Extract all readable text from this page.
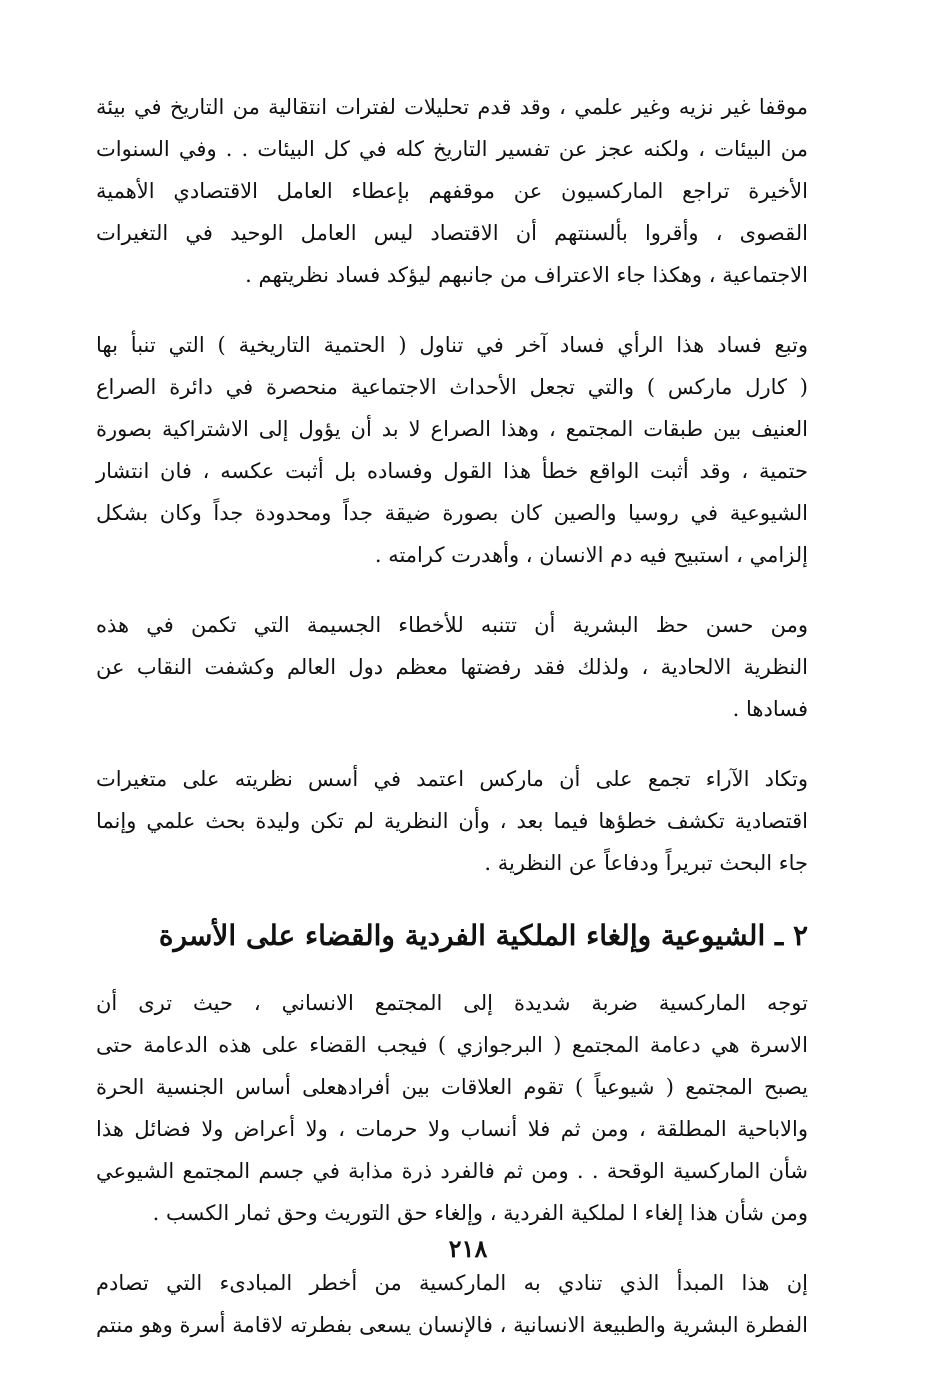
موقفا غير نزيه وغير علمي ، وقد قدم تحليلات لفترات انتقالية من التاريخ في بيئة
من البيئات ، ولكنه عجز عن تفسير التاريخ كله في كل البيئات . . وفي السنوات
الأخيرة تراجع الماركسيون عن موقفهم بإعطاء العامل الاقتصادي الأهمية
القصوى ، وأقروا بألسنتهم أن الاقتصاد ليس العامل الوحيد في التغيرات
الاجتماعية ، وهكذا جاء الاعتراف من جانبهم ليؤكد فساد نظريتهم .
وتبع فساد هذا الرأي فساد آخر في تناول ( الحتمية التاريخية ) التي تنبأ بها
( كارل ماركس ) والتي تجعل الأحداث الاجتماعية منحصرة في دائرة الصراع
العنيف بين طبقات المجتمع ، وهذا الصراع لا بد أن يؤول إلى الاشتراكية بصورة
حتمية ، وقد أثبت الواقع خطأ هذا القول وفساده بل أثبت عكسه ، فان انتشار
الشيوعية في روسيا والصين كان بصورة ضيقة جداً ومحدودة جداً وكان بشكل
إلزامي ، استبيح فيه دم الانسان ، وأهدرت كرامته .
ومن حسن حظ البشرية أن تتنبه للأخطاء الجسيمة التي تكمن في هذه
النظرية الالحادية ، ولذلك فقد رفضتها معظم دول العالم وكشفت النقاب عن
فسادها .
وتكاد الآراء تجمع على أن ماركس اعتمد في أسس نظريته على متغيرات
اقتصادية تكشف خطؤها فيما بعد ، وأن النظرية لم تكن وليدة بحث علمي وإنما
جاء البحث تبريراً ودفاعاً عن النظرية .
٢ ـ الشيوعية وإلغاء الملكية الفردية والقضاء على الأسرة
توجه الماركسية ضربة شديدة إلى المجتمع الانساني ، حيث ترى أن
الاسرة هي دعامة المجتمع ( البرجوازي ) فيجب القضاء على هذه الدعامة حتى
يصبح المجتمع ( شيوعياً ) تقوم العلاقات بين أفرادهعلى أساس الجنسية الحرة
والاباحية المطلقة ، ومن ثم فلا أنساب ولا حرمات ، ولا أعراض ولا فضائل هذا
شأن الماركسية الوقحة . . ومن ثم فالفرد ذرة مذابة في جسم المجتمع الشيوعي
ومن شأن هذا إلغاء ا لملكية الفردية ، وإلغاء حق التوريث وحق ثمار الكسب .
إن هذا المبدأ الذي تنادي به الماركسية من أخطر المبادىء التي تصادم
الفطرة البشرية والطبيعة الانسانية ، فالإنسان يسعى بفطرته لاقامة أسرة وهو منتم
٢١٨
